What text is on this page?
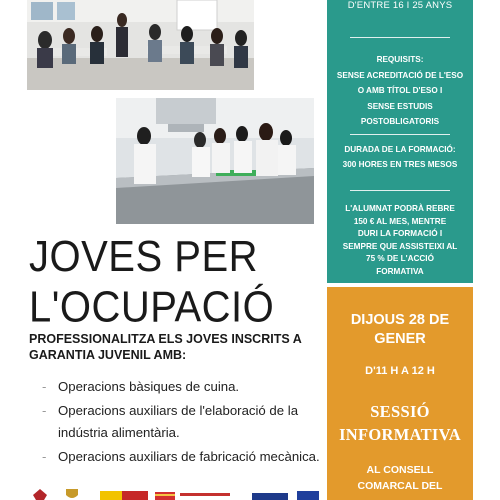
D'ENTRE 16 I 25 ANYS
REQUISITS:
SENSE ACREDITACIÓ DE L'ESO
O AMB TÍTOL D'ESO I
SENSE ESTUDIS
POSTOBLIGATORIS
DURADA DE LA FORMACIÓ:
300 HORES EN TRES MESOS
L'ALUMNAT PODRÀ REBRE
150 € AL MES, MENTRE
DURI LA FORMACIÓ I
SEMPRE QUE ASSISTEIXI AL
75 % DE L'ACCIÓ
FORMATIVA
DIJOUS 28 DE
GENER
D'11 H A 12 H
SESSIÓ
INFORMATIVA
AL CONSELL
COMARCAL DEL
JOVES PER
L'OCUPACIÓ
PROFESSIONALITZA ELS JOVES INSCRITS A GARANTIA JUVENIL AMB:
- Operacions bàsiques de cuina.
- Operacions auxiliars de l'elaboració de la indústria alimentària.
- Operacions auxiliars de fabricació mecànica.
